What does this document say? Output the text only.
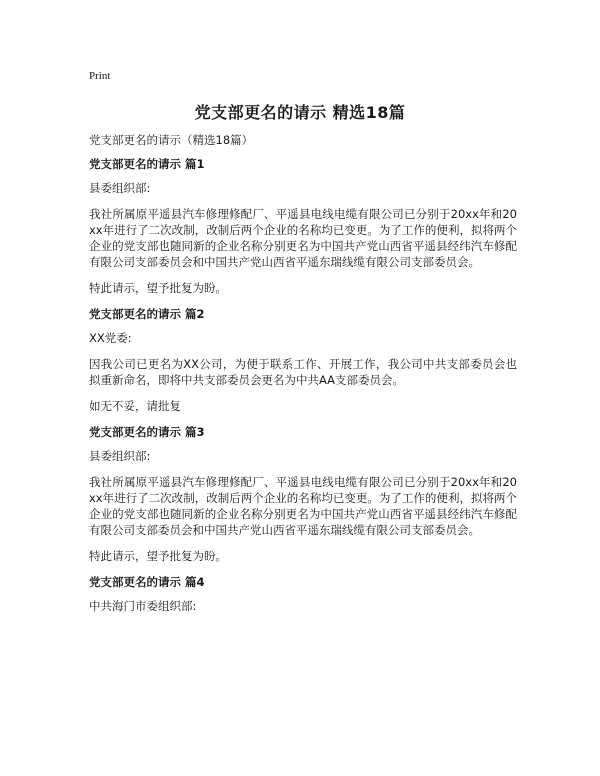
Print
党支部更名的请示 精选18篇
党支部更名的请示（精选18篇）
党支部更名的请示 篇1
县委组织部:
我社所属原平遥县汽车修理修配厂、平遥县电线电缆有限公司已分别于20xx年和20xx年进行了二次改制，改制后两个企业的名称均已变更。为了工作的便利，拟将两个企业的党支部也随同新的企业名称分别更名为中国共产党山西省平遥县经纬汽车修配有限公司支部委员会和中国共产党山西省平遥东瑞线缆有限公司支部委员会。
特此请示，望予批复为盼。
党支部更名的请示 篇2
XX党委:
因我公司已更名为XX公司，为便于联系工作、开展工作，我公司中共支部委员会也拟重新命名，即将中共支部委员会更名为中共AA支部委员会。
如无不妥，请批复
党支部更名的请示 篇3
县委组织部:
我社所属原平遥县汽车修理修配厂、平遥县电线电缆有限公司已分别于20xx年和20xx年进行了二次改制，改制后两个企业的名称均已变更。为了工作的便利，拟将两个企业的党支部也随同新的企业名称分别更名为中国共产党山西省平遥县经纬汽车修配有限公司支部委员会和中国共产党山西省平遥东瑞线缆有限公司支部委员会。
特此请示，望予批复为盼。
党支部更名的请示 篇4
中共海门市委组织部:
